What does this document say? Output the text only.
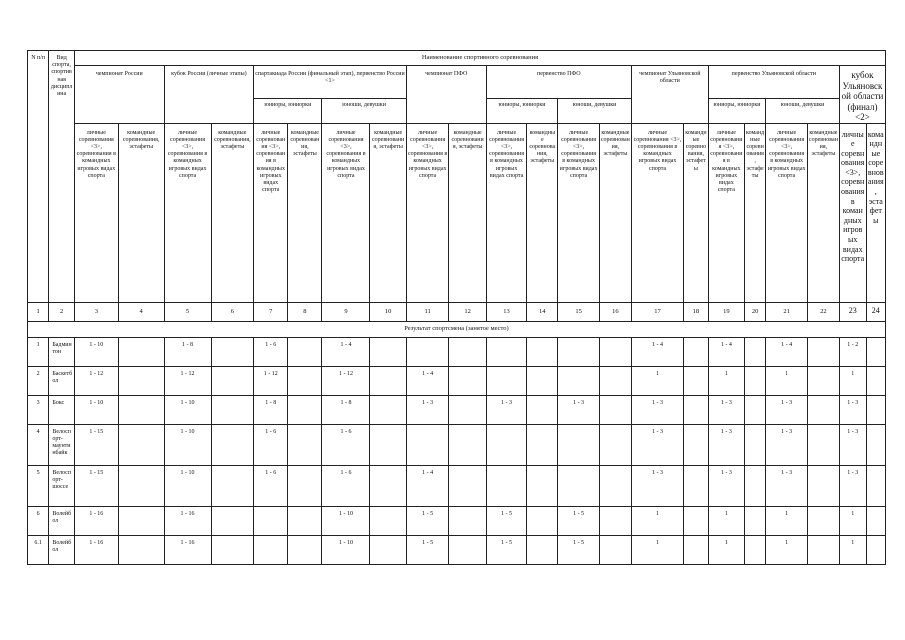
N п/п	Вид спорта, спортивная дисциплина	Наименование спортивного соревнования																					
		чемпионат России		кубок России (личные этапы)		спартакиада России (финальный этап), первенство России <1>				чемпионат ПФО		первенство ПФО				чемпионат Ульяновской области		первенство Ульяновской области				кубок Ульяновской области (финал) <2>	
						юниоры, юниорки		юноши, девушки				юниоры, юниорки		юноши, девушки				юниоры, юниорки		юноши, девушки			
		личные соревнования <3>, соревнования в командных игровых видах спорта	командные соревнования, эстафеты	личные соревнования <3>, соревнования в командных игровых видах спорта	командные соревнования, эстафеты	личные соревнования <3>, соревнования в командных игровых видах спорта	командные соревнования, эстафеты	личные соревнования <3>, соревнования в командных игровых видах спорта	командные соревнования, эстафеты	личные соревнования <3>, соревнования в командных игровых видах спорта	командные соревнования, эстафеты	личные соревнования <3>, соревнования в командных игровых видах спорта	командные соревнования, эстафеты	личные соревнования <3>, соревнования в командных игровых видах спорта	командные соревнования, эстафеты	личные соревнования <3>, соревнования в командных игровых видах спорта	командные соревнования, эстафеты	личные соревнования <3>, соревнования в командных игровых видах спорта	командные соревнования, эстафеты	личные соревнования <3>, соревнования в командных игровых видах спорта	командные соревнования, эстафеты	личные соревнования <3>, соревнования в командных игровых видах спорта	командные соревнования, эстафеты
1	2	3	4	5	6	7	8	9	10	11	12	13	14	15	16	17	18	19	20	21	22	23	24
Результат спортсмена (занятое место)																							
1	Бадминтон	1 - 10		1 - 8		1 - 6		1 - 4								1 - 4		1 - 4		1 - 4		1 - 2	
2	Баскетбол	1 - 12		1 - 12		1 - 12		1 - 12		1 - 4						1		1		1		1	
3	Бокс	1 - 10		1 - 10		1 - 8		1 - 8		1 - 3		1 - 3		1 - 3		1 - 3		1 - 3		1 - 3		1 - 3	
4	Велоспорт-маунтинбайк	1 - 15		1 - 10		1 - 6		1 - 6								1 - 3		1 - 3		1 - 3		1 - 3	
5	Велоспорт-шоссе	1 - 15		1 - 10		1 - 6		1 - 6		1 - 4						1 - 3		1 - 3		1 - 3		1 - 3	
6	Волейбол	1 - 16		1 - 16				1 - 10		1 - 5		1 - 5		1 - 5		1		1		1		1	
6.1	Волейбол	1 - 16		1 - 16				1 - 10		1 - 5		1 - 5		1 - 5		1		1		1		1	
